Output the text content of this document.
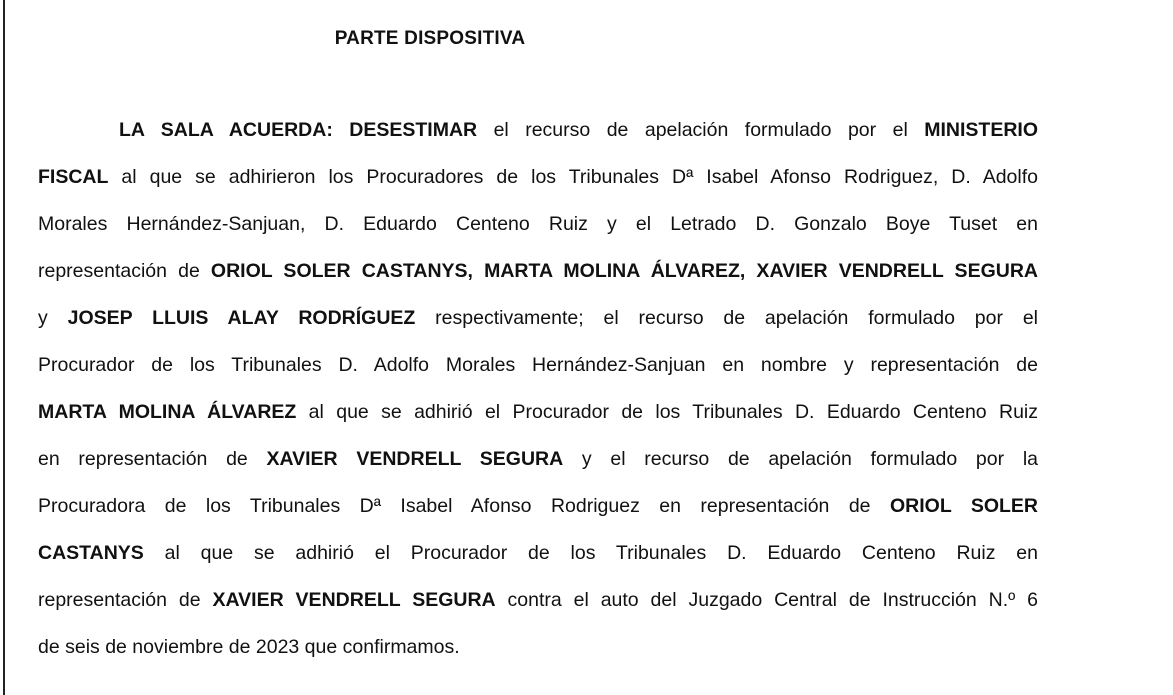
PARTE DISPOSITIVA
LA SALA ACUERDA: DESESTIMAR el recurso de apelación formulado por el MINISTERIO
FISCAL al que se adhirieron los Procuradores de los Tribunales Dª Isabel Afonso Rodriguez, D. Adolfo
Morales Hernández-Sanjuan, D. Eduardo Centeno Ruiz y el Letrado D. Gonzalo Boye Tuset en
representación de ORIOL SOLER CASTANYS, MARTA MOLINA ÁLVAREZ, XAVIER VENDRELL SEGURA
y JOSEP LLUIS ALAY RODRÍGUEZ respectivamente; el recurso de apelación formulado por el
Procurador de los Tribunales D. Adolfo Morales Hernández-Sanjuan en nombre y representación de
MARTA MOLINA ÁLVAREZ al que se adhirió el Procurador de los Tribunales D. Eduardo Centeno Ruiz
en representación de XAVIER VENDRELL SEGURA y el recurso de apelación formulado por la
Procuradora de los Tribunales Dª Isabel Afonso Rodriguez en representación de ORIOL SOLER
CASTANYS al que se adhirió el Procurador de los Tribunales D. Eduardo Centeno Ruiz en
representación de XAVIER VENDRELL SEGURA contra el auto del Juzgado Central de Instrucción N.º 6
de seis de noviembre de 2023 que confirmamos.
